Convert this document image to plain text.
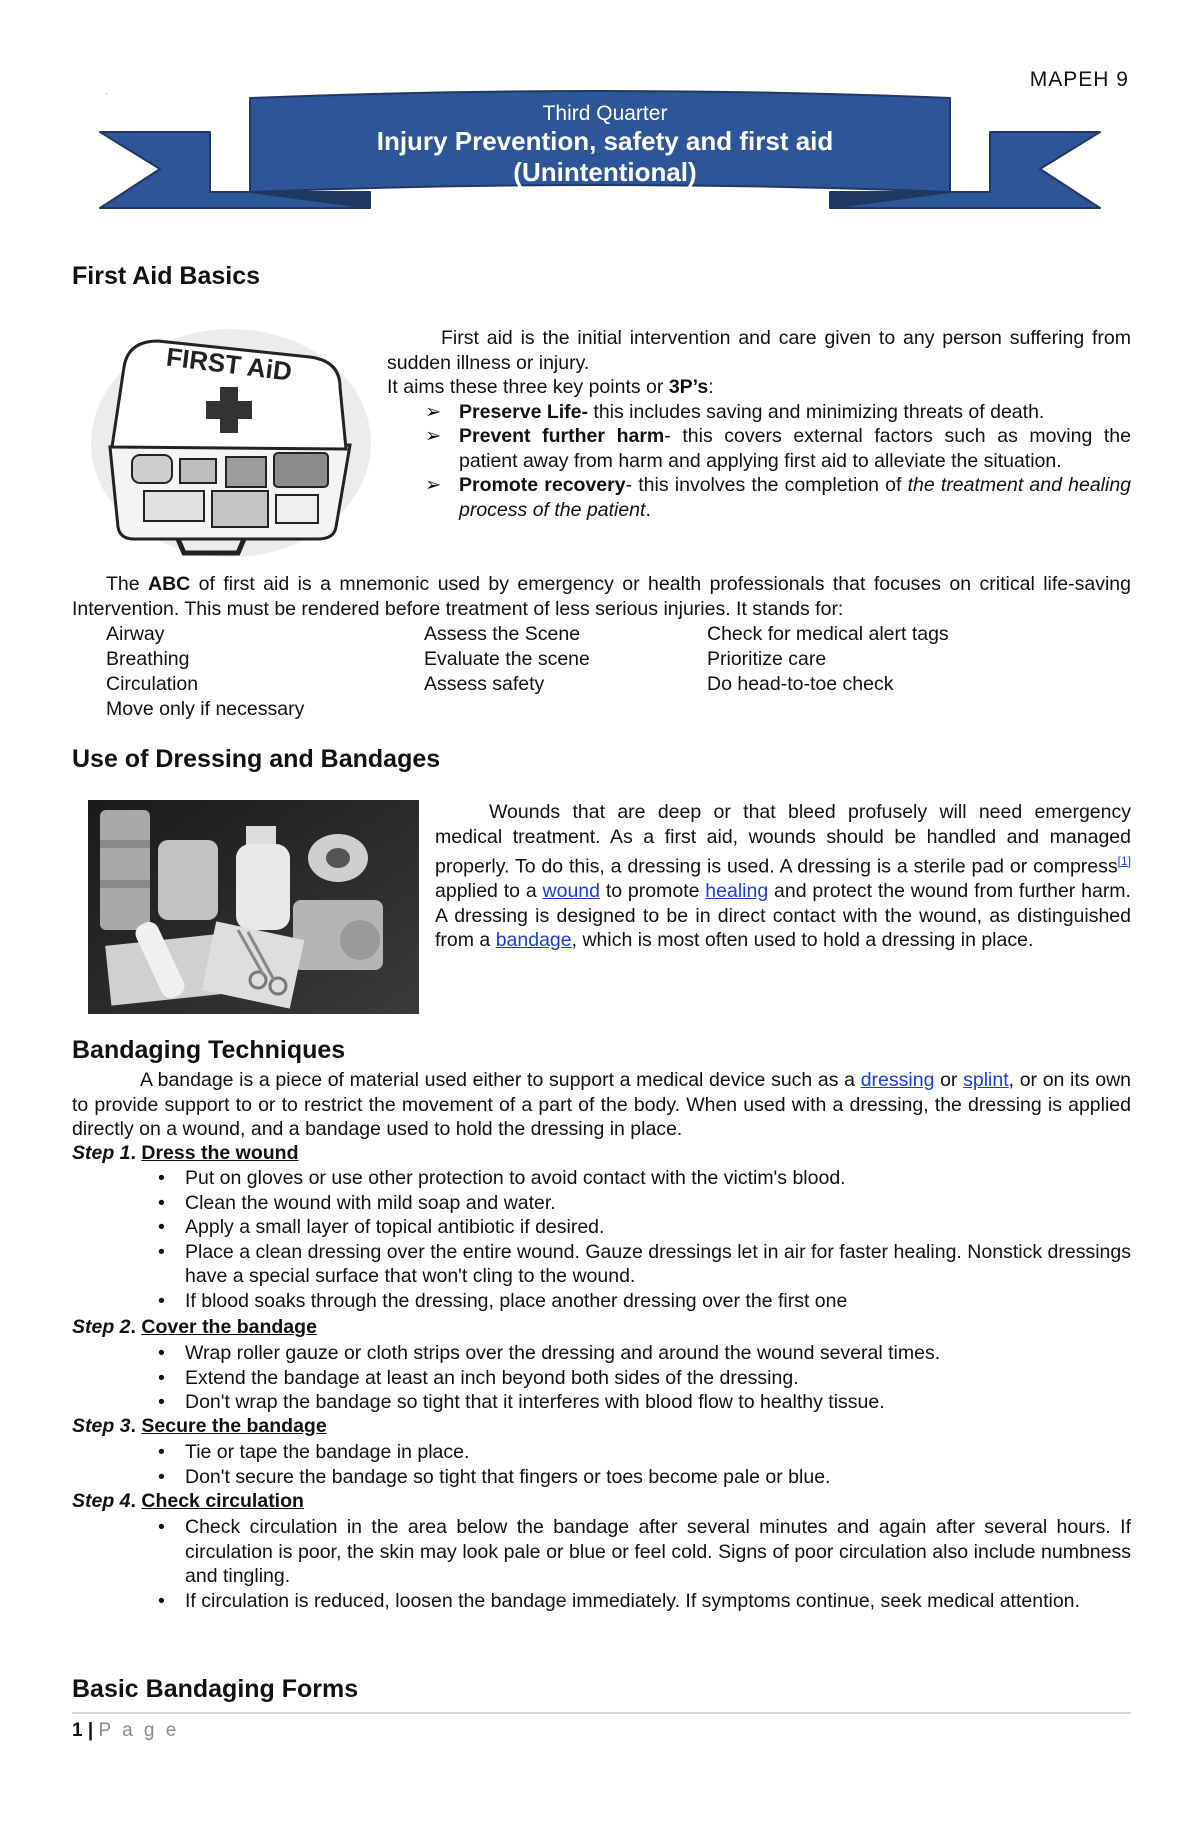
MAPEH 9
.
Third Quarter
Injury Prevention, safety and first aid
(Unintentional)
First Aid Basics
FIRST AiD
First aid is the initial intervention and care given to any person suffering from sudden illness or injury.
It aims these three key points or 3P’s:
➢ Preserve Life- this includes saving and minimizing threats of death.
➢ Prevent further harm- this covers external factors such as moving the patient away from harm and applying first aid to alleviate the situation.
➢ Promote recovery- this involves the completion of the treatment and healing process of the patient.
The ABC of first aid is a mnemonic used by emergency or health professionals that focuses on critical life-saving Intervention. This must be rendered before treatment of less serious injuries. It stands for:
Airway
Breathing
Circulation
Move only if necessary
Assess the Scene
Evaluate the scene
Assess safety
Check for medical alert tags
Prioritize care
Do head-to-toe check
Use of Dressing and Bandages
Wounds that are deep or that bleed profusely will need emergency medical treatment. As a first aid, wounds should be handled and managed properly. To do this, a dressing is used. A dressing is a sterile pad or compress[1] applied to a wound to promote healing and protect the wound from further harm. A dressing is designed to be in direct contact with the wound, as distinguished from a bandage, which is most often used to hold a dressing in place.
Bandaging Techniques
A bandage is a piece of material used either to support a medical device such as a dressing or splint, or on its own to provide support to or to restrict the movement of a part of the body. When used with a dressing, the dressing is applied directly on a wound, and a bandage used to hold the dressing in place.
Step 1. Dress the wound
• Put on gloves or use other protection to avoid contact with the victim's blood.
• Clean the wound with mild soap and water.
• Apply a small layer of topical antibiotic if desired.
• Place a clean dressing over the entire wound. Gauze dressings let in air for faster healing. Nonstick dressings have a special surface that won't cling to the wound.
• If blood soaks through the dressing, place another dressing over the first one
Step 2. Cover the bandage
• Wrap roller gauze or cloth strips over the dressing and around the wound several times.
• Extend the bandage at least an inch beyond both sides of the dressing.
• Don't wrap the bandage so tight that it interferes with blood flow to healthy tissue.
Step 3. Secure the bandage
• Tie or tape the bandage in place.
• Don't secure the bandage so tight that fingers or toes become pale or blue.
Step 4. Check circulation
• Check circulation in the area below the bandage after several minutes and again after several hours. If circulation is poor, the skin may look pale or blue or feel cold. Signs of poor circulation also include numbness and tingling.
• If circulation is reduced, loosen the bandage immediately. If symptoms continue, seek medical attention.
Basic Bandaging Forms
1 | P a g e
